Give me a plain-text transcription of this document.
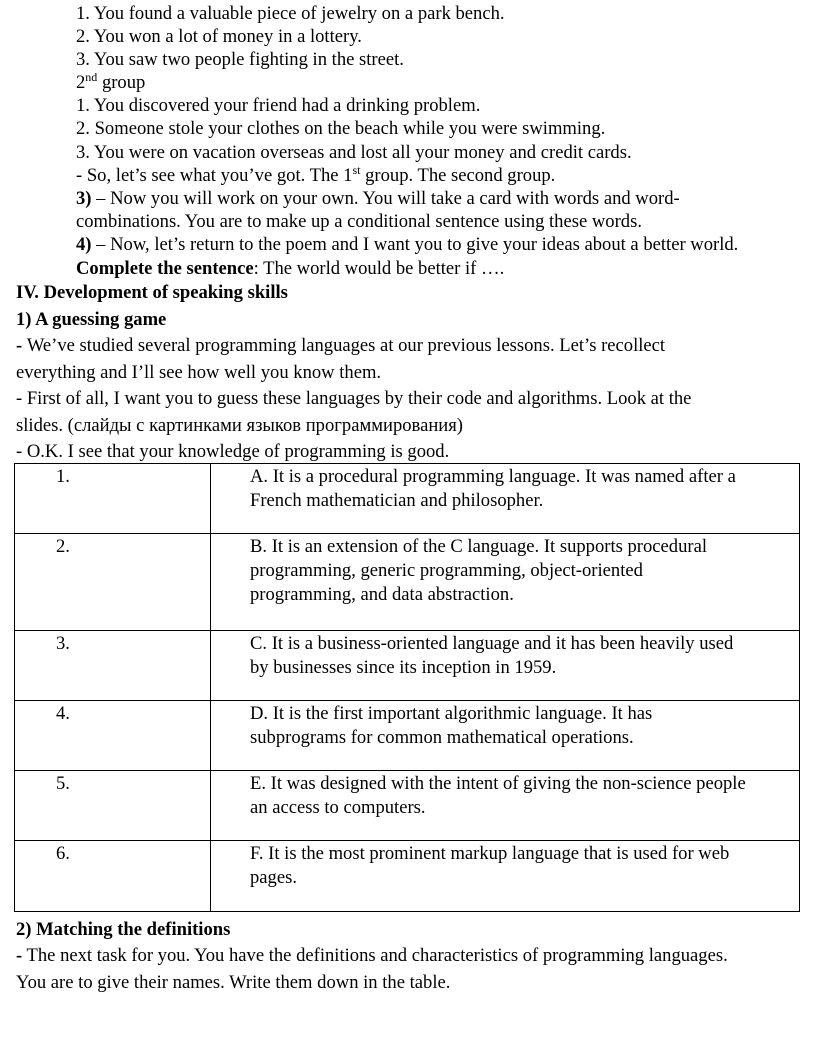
1. You found a valuable piece of jewelry on a park bench.
2. You won a lot of money in a lottery.
3. You saw two people fighting in the street.
2nd group
1. You discovered your friend had a drinking problem.
2. Someone stole your clothes on the beach while you were swimming.
3. You were on vacation overseas and lost all your money and credit cards.
- So, let’s see what you’ve got. The 1st group. The second group.
3) – Now you will work on your own. You will take a card with words and word-
combinations. You are to make up a conditional sentence using these words.
4) – Now, let’s return to the poem and I want you to give your ideas about a better world.
Complete the sentence: The world would be better if ….
IV. Development of speaking skills
1) A guessing game
- We’ve studied several programming languages at our previous lessons. Let’s recollect
everything and I’ll see how well you know them.
- First of all, I want you to guess these languages by their code and algorithms. Look at the
slides. (слайды с картинками языков программирования)
- O.K. I see that your knowledge of programming is good.
1.	A. It is a procedural programming language. It was named after a
French mathematician and philosopher.

2.	B. It is an extension of the C language. It supports procedural
programming, generic programming, object-oriented
programming, and data abstraction.

3.	C. It is a business-oriented language and it has been heavily used
by businesses since its inception in 1959.

4.	D. It is the first important algorithmic language. It has
subprograms for common mathematical operations.

5.	E. It was designed with the intent of giving the non-science people
an access to computers.

6.	F. It is the most prominent markup language that is used for web
pages.
2) Matching the definitions
- The next task for you. You have the definitions and characteristics of programming languages.
You are to give their names. Write them down in the table.
